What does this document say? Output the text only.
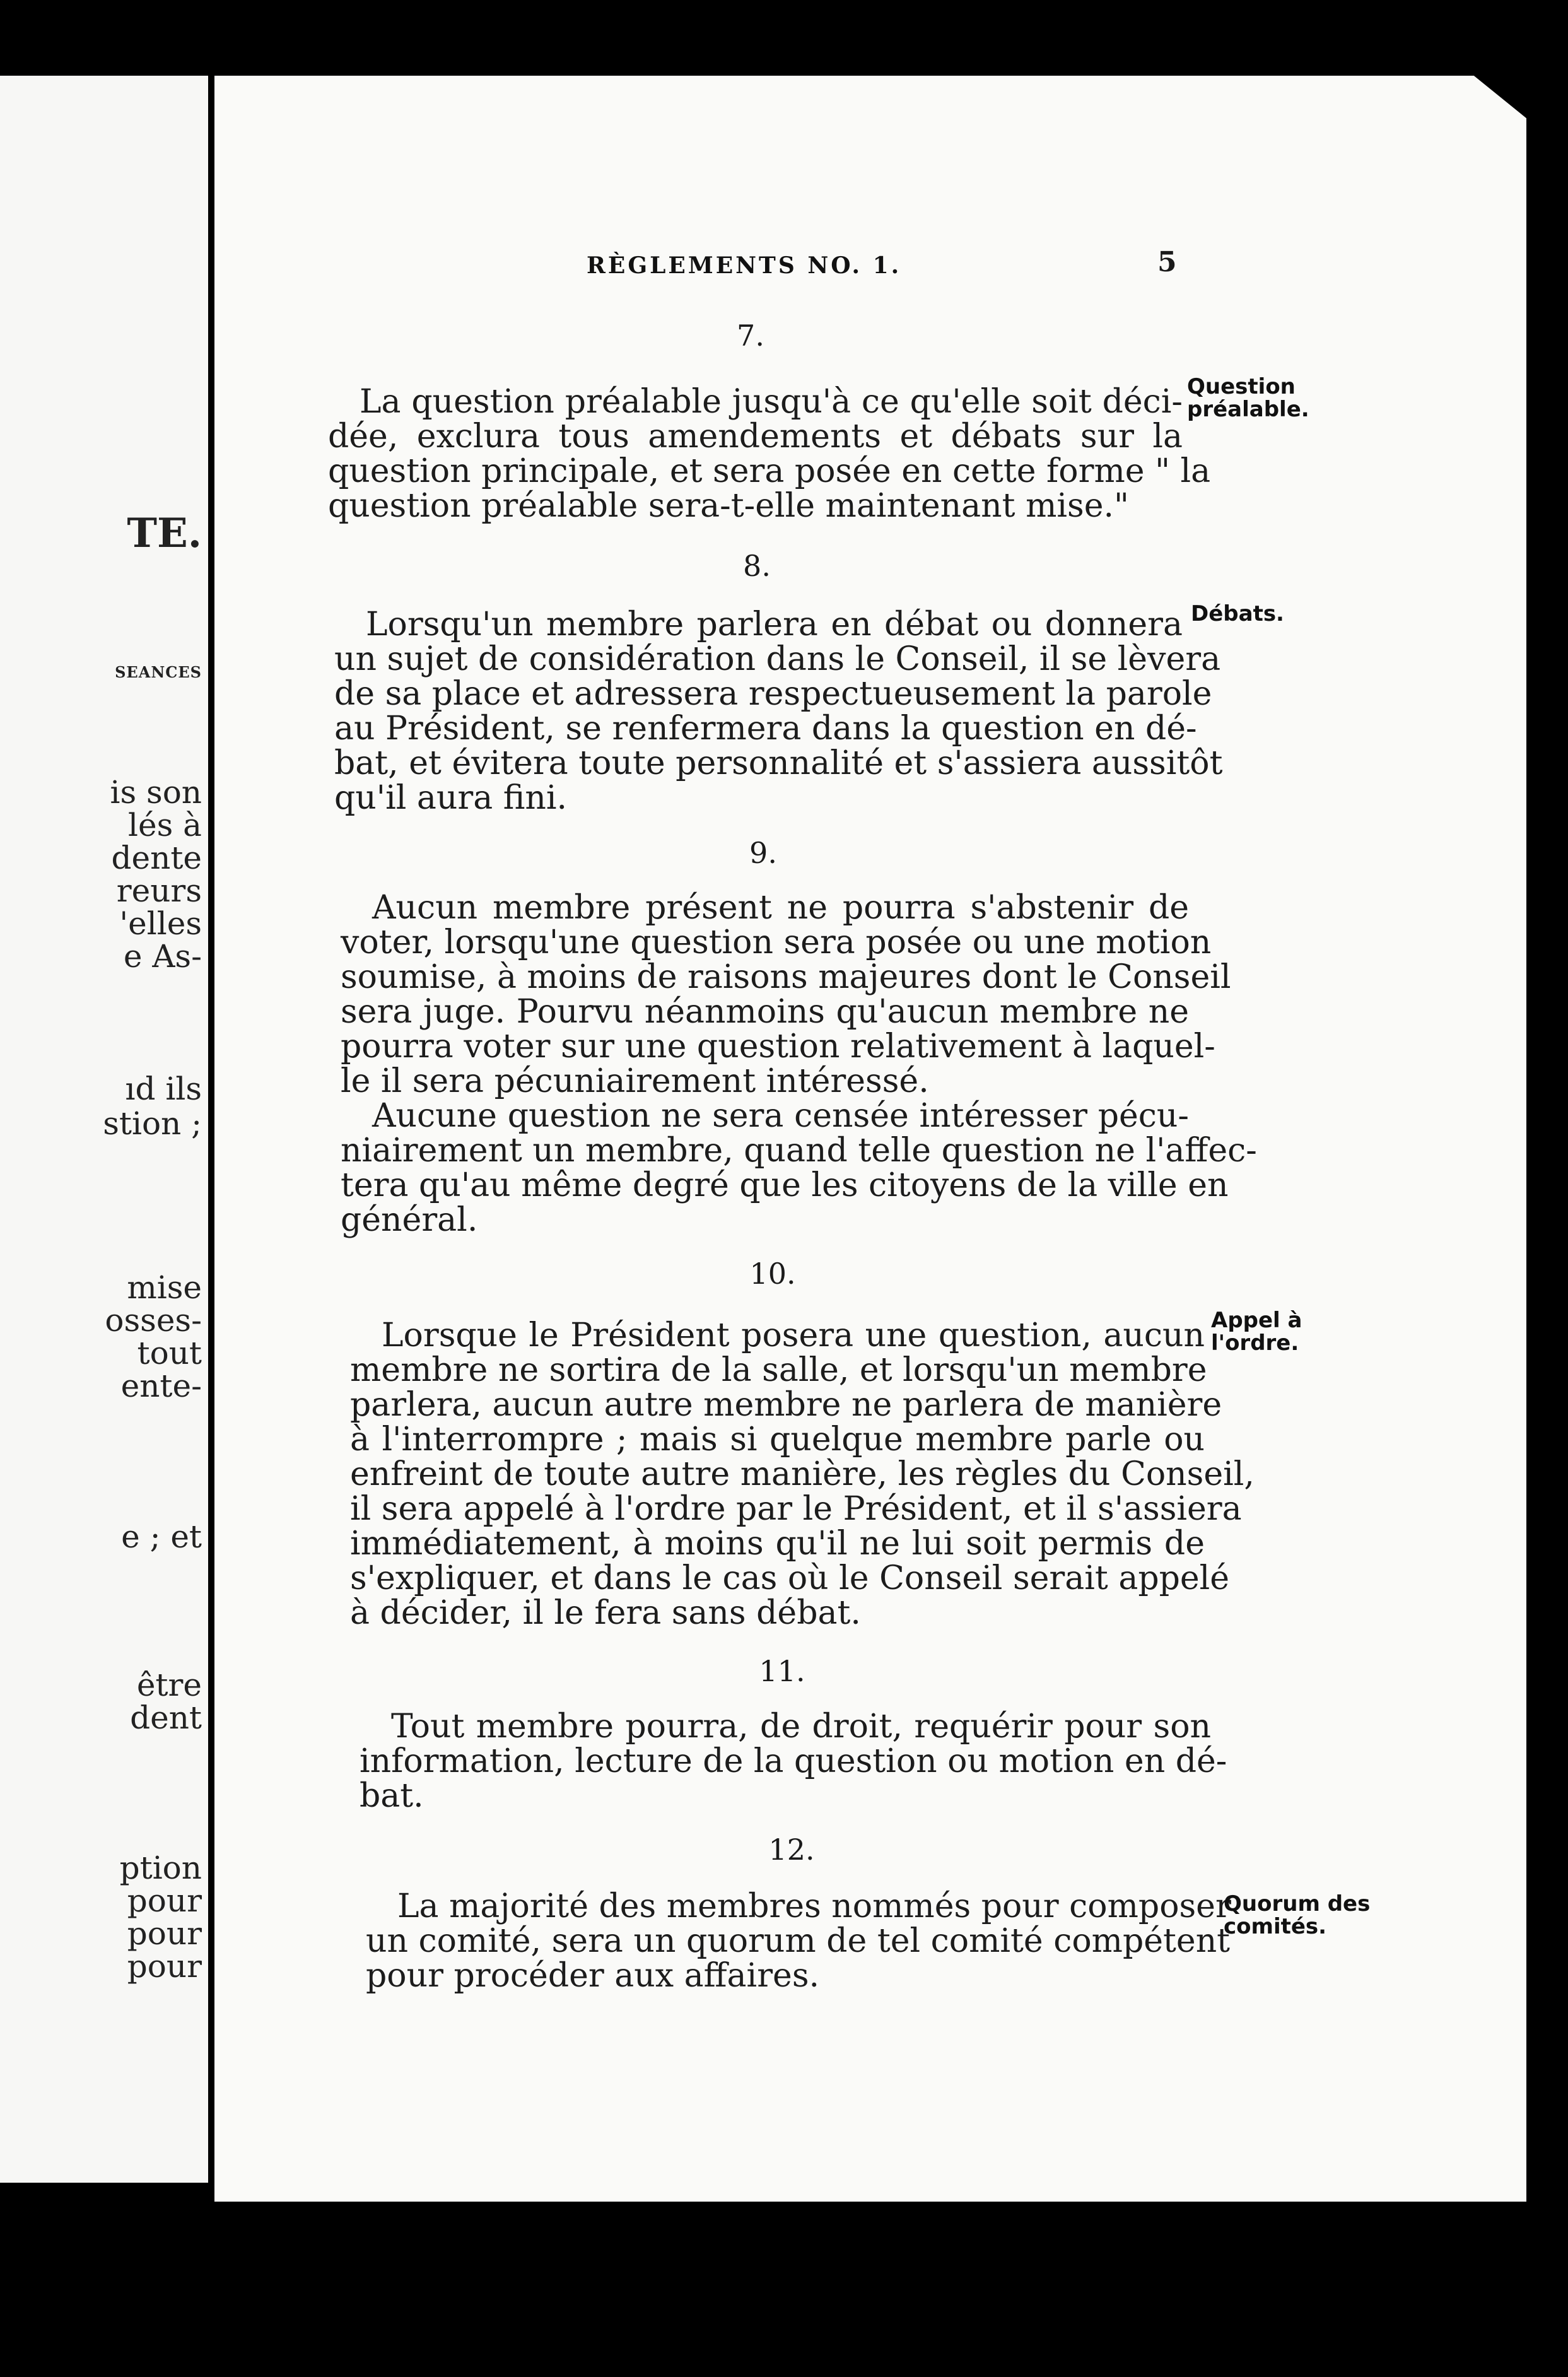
TE.
SEANCES
is son
lés à
dente
reurs
'elles
e As-
ıd ils
stion ;
mise
osses-
tout
ente-
e ; et
être
dent
ption
pour
pour
pour
RÈGLEMENTS NO. 1.	5
7.
La question préalable jusqu'à ce qu'elle soit déci-
dée, exclura tous amendements et débats sur la
question principale, et sera posée en cette forme " la
question préalable sera-t-elle maintenant mise."
Question préalable.
8.
Lorsqu'un membre parlera en débat ou donnera
un sujet de considération dans le Conseil, il se lèvera
de sa place et adressera respectueusement la parole
au Président, se renfermera dans la question en dé-
bat, et évitera toute personnalité et s'assiera aussitôt
qu'il aura fini.
Débats.
9.
Aucun membre présent ne pourra s'abstenir de
voter, lorsqu'une question sera posée ou une motion
soumise, à moins de raisons majeures dont le Conseil
sera juge. Pourvu néanmoins qu'aucun membre ne
pourra voter sur une question relativement à laquel-
le il sera pécuniairement intéressé.
Aucune question ne sera censée intéresser pécu-
niairement un membre, quand telle question ne l'affec-
tera qu'au même degré que les citoyens de la ville en
général.
10.
Lorsque le Président posera une question, aucun
membre ne sortira de la salle, et lorsqu'un membre
parlera, aucun autre membre ne parlera de manière
à l'interrompre ; mais si quelque membre parle ou
enfreint de toute autre manière, les règles du Conseil,
il sera appelé à l'ordre par le Président, et il s'assiera
immédiatement, à moins qu'il ne lui soit permis de
s'expliquer, et dans le cas où le Conseil serait appelé
à décider, il le fera sans débat.
Appel à l'ordre.
11.
Tout membre pourra, de droit, requérir pour son
information, lecture de la question ou motion en dé-
bat.
12.
La majorité des membres nommés pour composer
un comité, sera un quorum de tel comité compétent
pour procéder aux affaires.
Quorum des comités.
